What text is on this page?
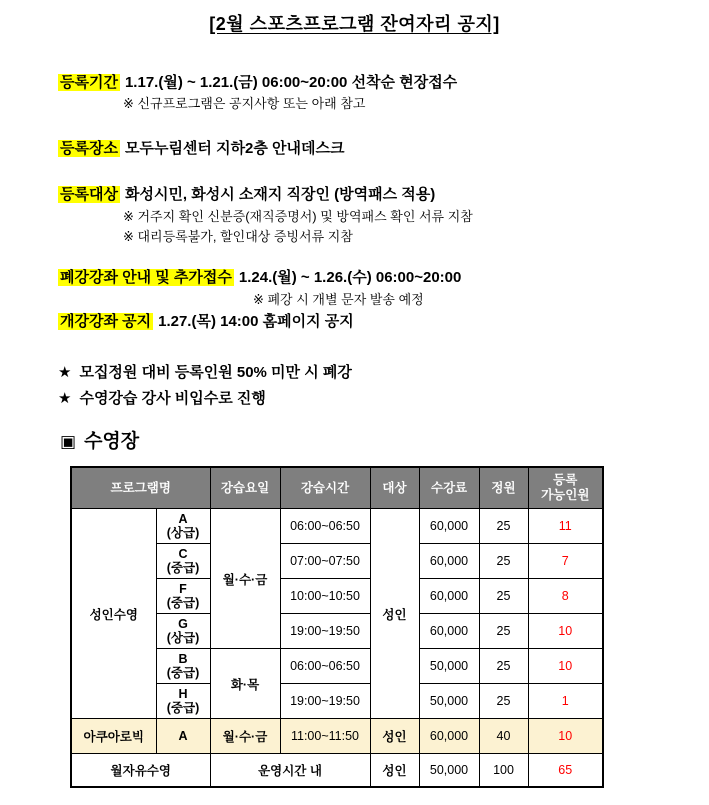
[2월 스포츠프로그램 잔여자리 공지]
등록기간 1.17.(월) ~ 1.21.(금) 06:00~20:00 선착순 현장접수
※ 신규프로그램은 공지사항 또는 아래 참고
등록장소 모두누림센터 지하2층 안내데스크
등록대상 화성시민, 화성시 소재지 직장인 (방역패스 적용)
※ 거주지 확인 신분증(재직증명서) 및 방역패스 확인 서류 지참
※ 대리등록불가, 할인대상 증빙서류 지참
폐강강좌 안내 및 추가접수 1.24.(월) ~ 1.26.(수) 06:00~20:00
※ 폐강 시 개별 문자 발송 예정
개강강좌 공지 1.27.(목) 14:00 홈페이지 공지
★ 모집정원 대비 등록인원 50% 미만 시 폐강
★ 수영강습 강사 비입수로 진행
▣ 수영장
프로그램명		강습요일	강습시간	대상	수강료	정원	등록
가능인원

성인수영	A
(상급)	월·수·금	06:00~06:50	성인	60,000	25	11

	C
(중급)		07:00~07:50		60,000	25	7

	F
(중급)		10:00~10:50		60,000	25	8

	G
(상급)		19:00~19:50		60,000	25	10

	B
(중급)	화·목	06:00~06:50		50,000	25	10

	H
(중급)		19:00~19:50		50,000	25	1
아쿠아로빅	A	월·수·금	11:00~11:50	성인	60,000	40	10
월자유수영		운영시간 내		성인	50,000	100	65
